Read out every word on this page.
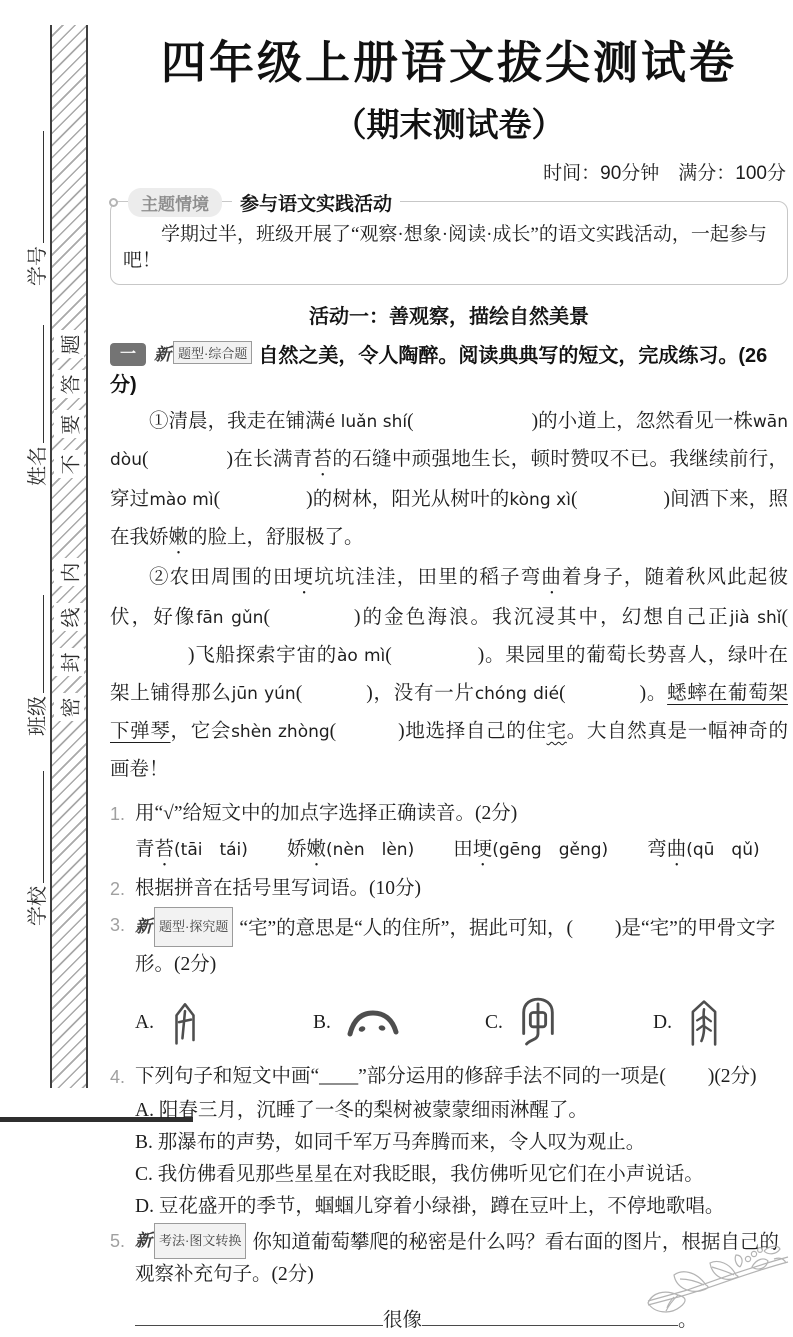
题
答
要
不
内
线
封
密
学号
姓名
班级
学校
四年级上册语文拔尖测试卷
（期末测试卷）
时间：90分钟　满分：100分
主题情境	参与语文实践活动

学期过半，班级开展了“观察·想象·阅读·成长”的语文实践活动，一起参与吧！

活动一：善观察，描绘自然美景
一 新 题型·综合题 自然之美，令人陶醉。阅读典典写的短文，完成练习。(26分)

①清晨，我走在铺满é luǎn shí(	)的小道上，忽然看见一株wān dòu(	)在长满青苔的石缝中顽强地生长，顿时赞叹不已。我继续前行，穿过mào mì(	)的树林，阳光从树叶的kòng xì(	)间洒下来，照在我娇嫩的脸上，舒服极了。

②农田周围的田埂坑坑洼洼，田里的稻子弯曲着身子，随着秋风此起彼伏，好像fān gǔn(	)的金色海浪。我沉浸其中，幻想自己正jià shǐ()飞船探索宇宙的ào mì(	)。果园里的葡萄长势喜人，绿叶在架上铺得那么jūn yún(	)，没有一片chóng dié(	)。蟋蟀在葡萄架下弹琴，它会shèn zhòng(	)地选择自己的住宅。大自然真是一幅神奇的画卷！

1. 用“√”给短文中的加点字选择正确读音。(2分)
青苔(tāi　tái)　　 娇嫩(nèn　lèn)　　 田埂(gēng　gěng)　　 弯曲(qū　qǔ)
2. 根据拼音在括号里写词语。(10分)
3. 新 题型·探究题 “宅”的意思是“人的住所”，据此可知，( )是“宅”的甲骨文字形。(2分)
A.	B.	C.	D.
4. 下列句子和短文中画“____”部分运用的修辞手法不同的一项是( )(2分)

A. 阳春三月，沉睡了一冬的梨树被蒙蒙细雨淋醒了。

B. 那瀑布的声势，如同千军万马奔腾而来，令人叹为观止。

C. 我仿佛看见那些星星在对我眨眼，我仿佛听见它们在小声说话。

D. 豆花盛开的季节，蝈蝈儿穿着小绿褂，蹲在豆叶上，不停地歌唱。

5. 新 考法·图文转换 你知道葡萄攀爬的秘密是什么吗？看右面的图片，根据自己的观察补充句子。(2分)
很像	。
